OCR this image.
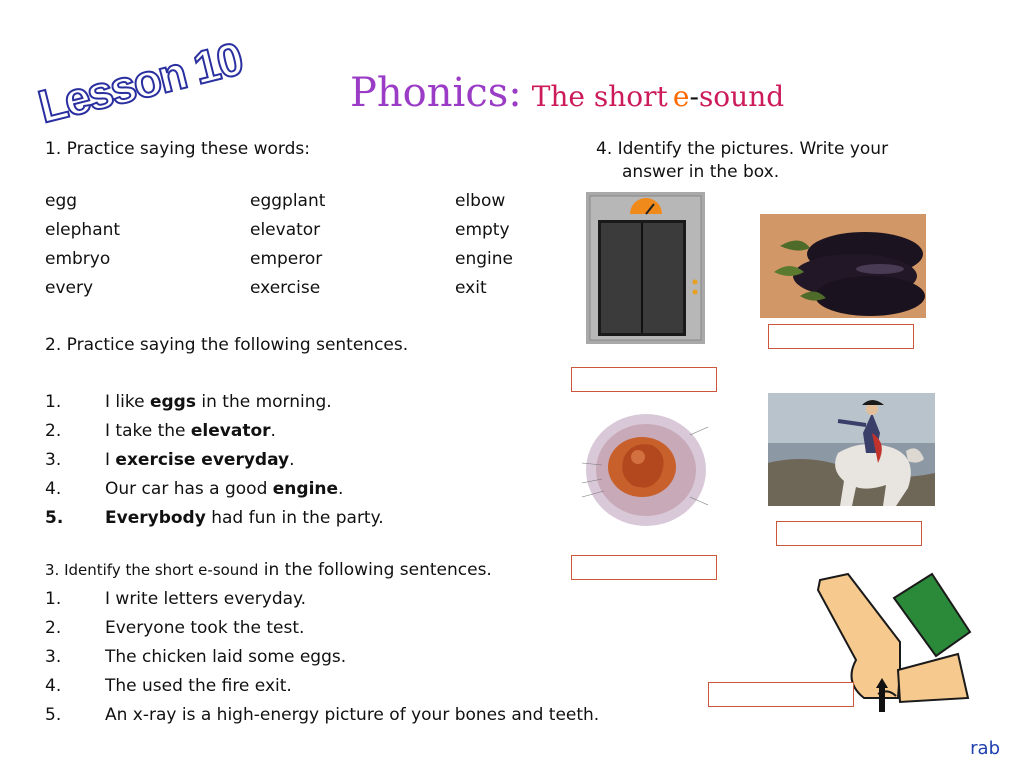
Lesson 10	Phonics: The short e-sound
1. Practice saying these words:
egg	eggplant	elbow
elephant	elevator	empty
embryo	emperor	engine
every	exercise	exit
2. Practice saying the following sentences.
1.	I like eggs in the morning.
2.	I take the elevator.
3.	I exercise everyday.
4.	Our car has a good engine.
5. Everybody had fun in the party.
3. Identify the short e-sound in the following sentences.
1.	I write letters everyday.
2.	Everyone took the test.
3.	The chicken laid some eggs.
4.	The used the fire exit.
5.	An x-ray is a high-energy picture of your bones and teeth.
4. Identify the pictures. Write your
answer in the box.
rab
